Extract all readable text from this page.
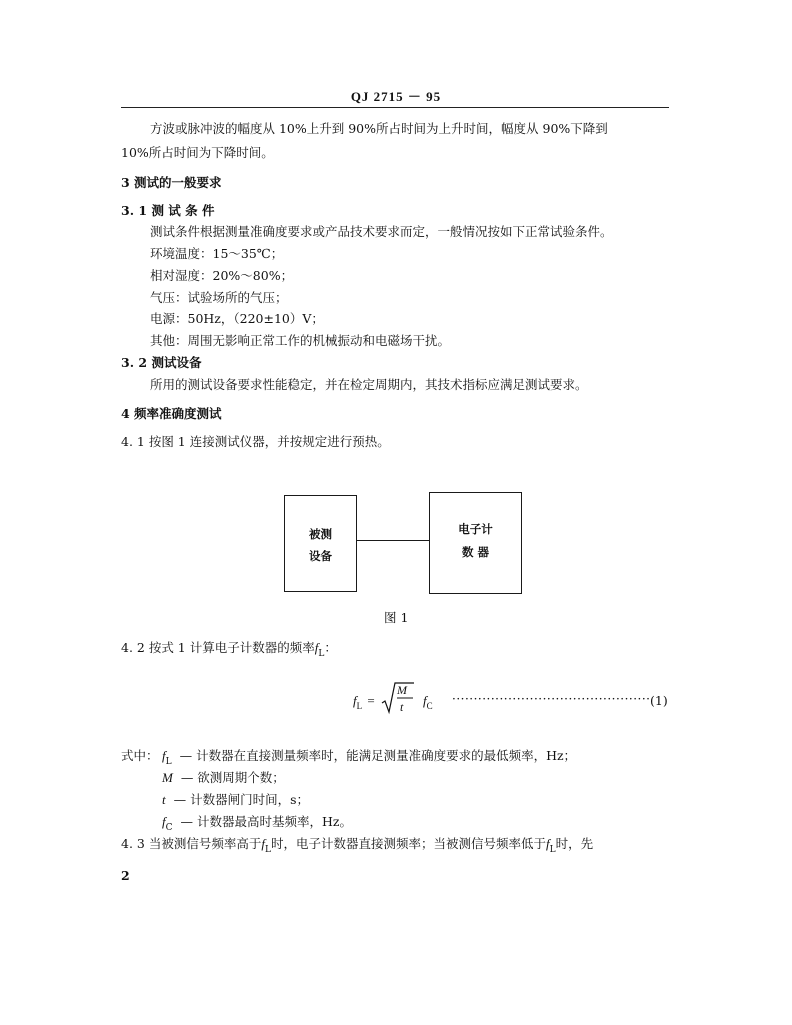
QJ 2715 － 95
方波或脉冲波的幅度从 10%上升到 90%所占时间为上升时间，幅度从 90%下降到
10%所占时间为下降时间。
3 测试的一般要求
3. 1 测 试 条 件
测试条件根据测量准确度要求或产品技术要求而定，一般情况按如下正常试验条件。
环境温度：15～35℃；
相对湿度：20%～80%；
气压：试验场所的气压；
电源：50Hz，（220±10）V；
其他：周围无影响正常工作的机械振动和电磁场干扰。
3. 2 测试设备
所用的测试设备要求性能稳定，并在检定周期内，其技术指标应满足测试要求。
4 频率准确度测试
4. 1 按图 1 连接测试仪器，并按规定进行预热。
被测
设备
电子计
数 器
图 1
4. 2 按式 1 计算电子计数器的频率$f_L$：
$f_L$ =
M
t $f_C$ ·············································· (1)
式中： $f_L$ — 计数器在直接测量频率时，能满足测量准确度要求的最低频率，Hz；
M — 欲测周期个数；
t — 计数器闸门时间，s；
$f_C$ — 计数器最高时基频率，Hz。
4. 3 当被测信号频率高于$f_L$时，电子计数器直接测频率；当被测信号频率低于$f_L$时，先
2
